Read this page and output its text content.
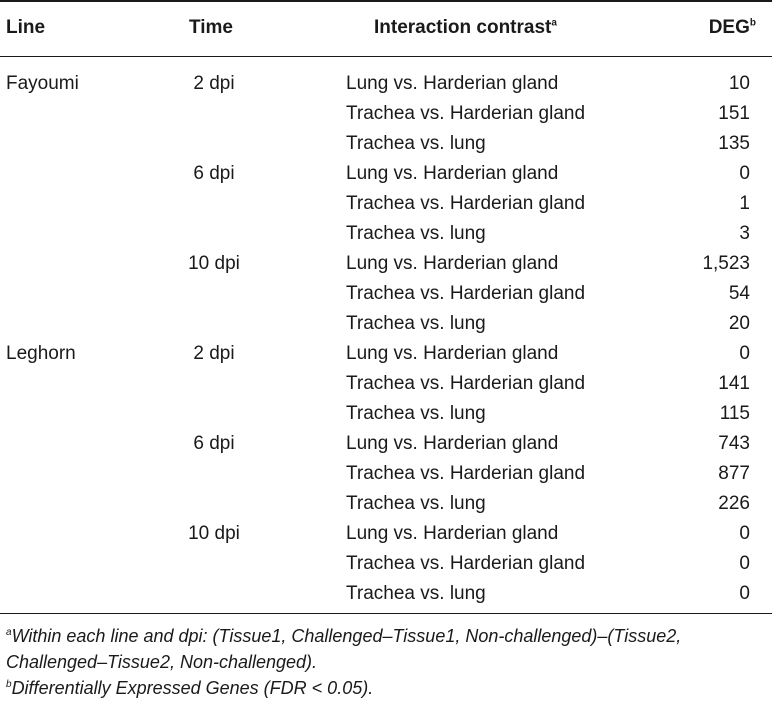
Line	Time	Interaction contrast$^a$	DEG$^b$
Fayoumi	2 dpi	Lung vs. Harderian gland	10
Trachea vs. Harderian gland	151
Trachea vs. lung	135
6 dpi	Lung vs. Harderian gland	0
Trachea vs. Harderian gland	1
Trachea vs. lung	3
10 dpi	Lung vs. Harderian gland	1,523
Trachea vs. Harderian gland	54
Trachea vs. lung	20
Leghorn	2 dpi	Lung vs. Harderian gland	0
Trachea vs. Harderian gland	141
Trachea vs. lung	115
6 dpi	Lung vs. Harderian gland	743
Trachea vs. Harderian gland	877
Trachea vs. lung	226
10 dpi	Lung vs. Harderian gland	0
Trachea vs. Harderian gland	0
Trachea vs. lung	0
$^a$Within each line and dpi: (Tissue1, Challenged–Tissue1, Non-challenged)–(Tissue2, Challenged–Tissue2, Non-challenged).
$^b$Differentially Expressed Genes (FDR < 0.05).
